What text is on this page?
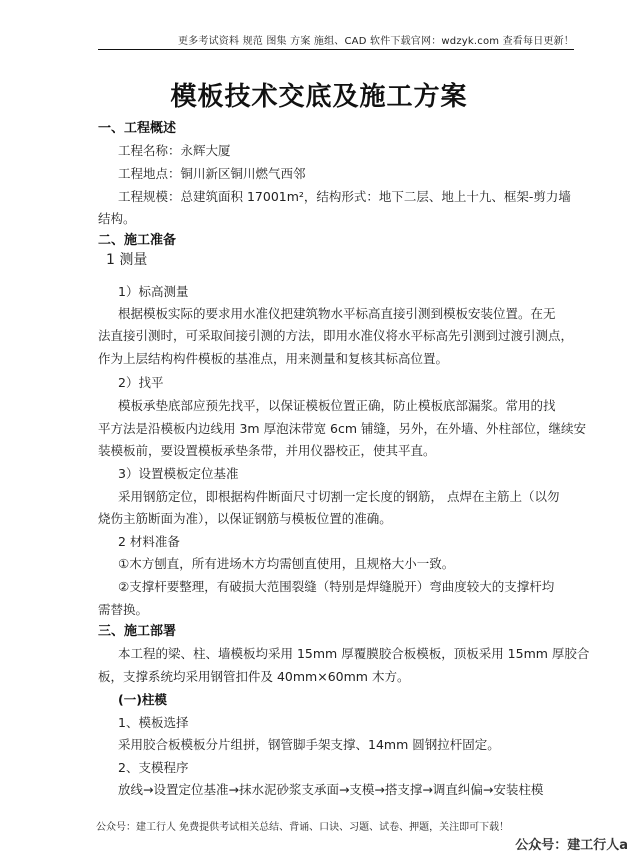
更多考试资料 规范 图集 方案 施组、CAD 软件下载官网：wdzyk.com 查看每日更新！
模板技术交底及施工方案
一、工程概述
工程名称：永辉大厦
工程地点：铜川新区铜川燃气西邻
工程规模：总建筑面积 17001m²，结构形式：地下二层、地上十九、框架-剪力墙
结构。
二、施工准备
1 测量
1）标高测量
根据模板实际的要求用水准仪把建筑物水平标高直接引测到模板安装位置。在无
法直接引测时，可采取间接引测的方法，即用水准仪将水平标高先引测到过渡引测点，
作为上层结构构件模板的基准点，用来测量和复核其标高位置。
2）找平
模板承垫底部应预先找平，以保证模板位置正确，防止模板底部漏浆。常用的找
平方法是沿模板内边线用 3m 厚泡沫带宽 6cm 铺缝，另外，在外墙、外柱部位，继续安
装模板前，要设置模板承垫条带，并用仪器校正，使其平直。
3）设置模板定位基准
采用钢筋定位，即根据构件断面尺寸切割一定长度的钢筋， 点焊在主筋上（以勿
烧伤主筋断面为准），以保证钢筋与模板位置的准确。
2 材料准备
①木方刨直，所有进场木方均需刨直使用，且规格大小一致。
②支撑杆要整理，有破损大范围裂缝（特别是焊缝脱开）弯曲度较大的支撑杆均
需替换。
三、施工部署
本工程的梁、柱、墙模板均采用 15mm 厚覆膜胶合板模板，顶板采用 15mm 厚胶合
板，支撑系统均采用钢管扣件及 40mm×60mm 木方。
(一)柱模
1、模板选择
采用胶合板模板分片组拼，钢管脚手架支撑、14mm 圆钢拉杆固定。
2、支模程序
放线→设置定位基准→抹水泥砂浆支承面→支模→搭支撑→调直纠偏→安装柱模
公众号：建工行人 免费提供考试相关总结、背诵、口诀、习题、试卷、押题，关注即可下载！
公众号：建工行人a
